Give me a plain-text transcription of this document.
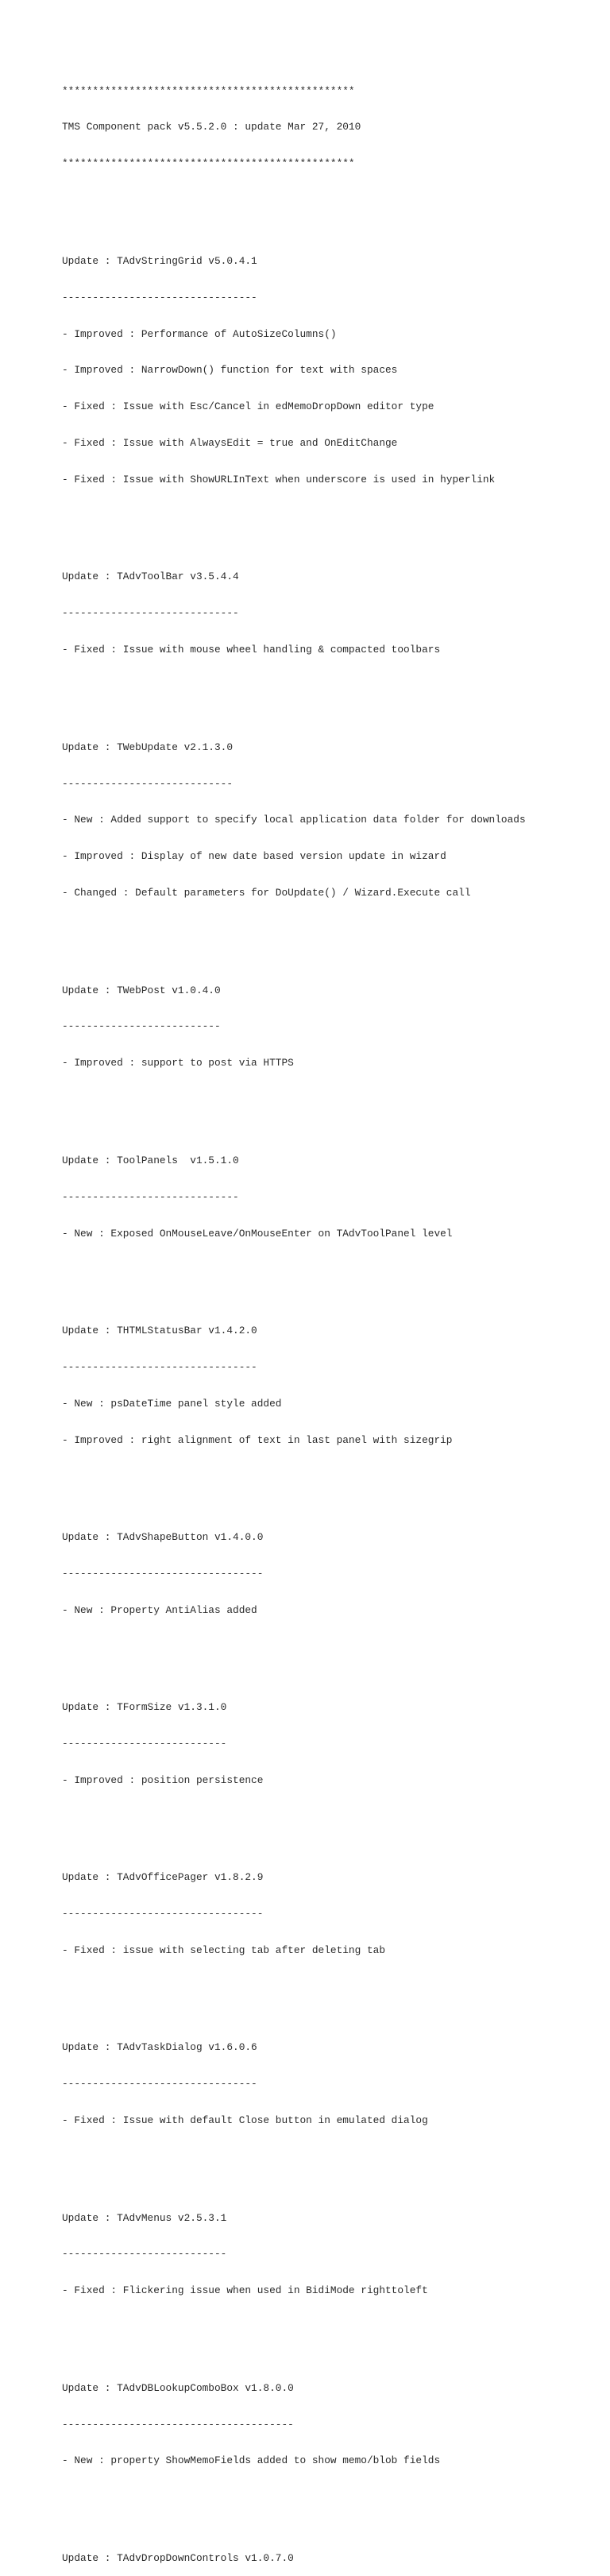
************************************************

TMS Component pack v5.5.2.0 : update Mar 27, 2010

************************************************

Update : TAdvStringGrid v5.0.4.1

--------------------------------

- Improved : Performance of AutoSizeColumns()

- Improved : NarrowDown() function for text with spaces

- Fixed : Issue with Esc/Cancel in edMemoDropDown editor type

- Fixed : Issue with AlwaysEdit = true and OnEditChange

- Fixed : Issue with ShowURLInText when underscore is used in hyperlink

Update : TAdvToolBar v3.5.4.4

-----------------------------

- Fixed : Issue with mouse wheel handling & compacted toolbars

Update : TWebUpdate v2.1.3.0

----------------------------

- New : Added support to specify local application data folder for downloads

- Improved : Display of new date based version update in wizard

- Changed : Default parameters for DoUpdate() / Wizard.Execute call

Update : TWebPost v1.0.4.0

--------------------------

- Improved : support to post via HTTPS

Update : ToolPanels  v1.5.1.0

-----------------------------

- New : Exposed OnMouseLeave/OnMouseEnter on TAdvToolPanel level

Update : THTMLStatusBar v1.4.2.0

--------------------------------

- New : psDateTime panel style added

- Improved : right alignment of text in last panel with sizegrip

Update : TAdvShapeButton v1.4.0.0

---------------------------------

- New : Property AntiAlias added

Update : TFormSize v1.3.1.0

---------------------------

- Improved : position persistence

Update : TAdvOfficePager v1.8.2.9

---------------------------------

- Fixed : issue with selecting tab after deleting tab

Update : TAdvTaskDialog v1.6.0.6

--------------------------------

- Fixed : Issue with default Close button in emulated dialog

Update : TAdvMenus v2.5.3.1

---------------------------

- Fixed : Flickering issue when used in BidiMode righttoleft

Update : TAdvDBLookupComboBox v1.8.0.0

--------------------------------------

- New : property ShowMemoFields added to show memo/blob fields

Update : TAdvDropDownControls v1.0.7.0
